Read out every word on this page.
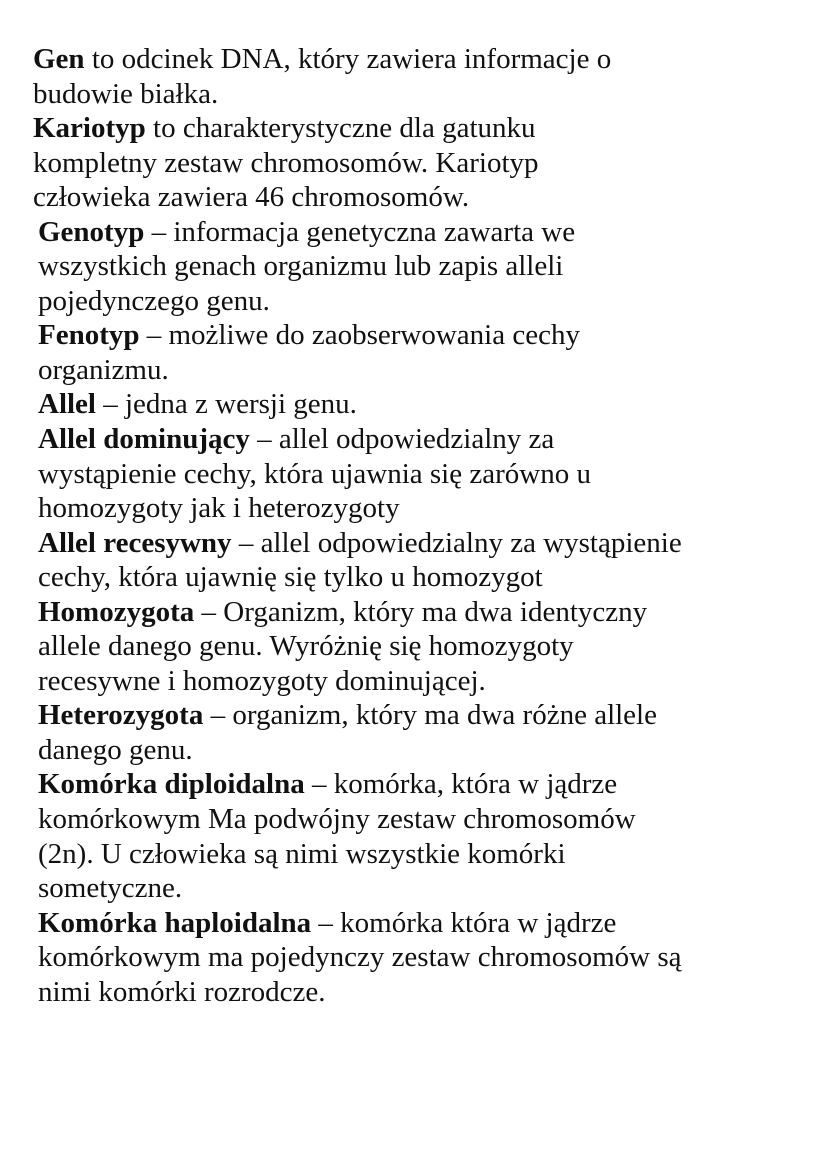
Gen to odcinek DNA, który zawiera informacje o
budowie białka.
Kariotyp to charakterystyczne dla gatunku
kompletny zestaw chromosomów. Kariotyp
człowieka zawiera 46 chromosomów.
Genotyp – informacja genetyczna zawarta we
wszystkich genach organizmu lub zapis alleli
pojedynczego genu.
Fenotyp – możliwe do zaobserwowania cechy
organizmu.
Allel – jedna z wersji genu.
Allel dominujący – allel odpowiedzialny za
wystąpienie cechy, która ujawnia się zarówno u
homozygoty jak i heterozygoty
Allel recesywny – allel odpowiedzialny za wystąpienie
cechy, która ujawnię się tylko u homozygot
Homozygota – Organizm, który ma dwa identyczny
allele danego genu. Wyróżnię się homozygoty
recesywne i homozygoty dominującej.
Heterozygota – organizm, który ma dwa różne allele
danego genu.
Komórka diploidalna – komórka, która w jądrze
komórkowym Ma podwójny zestaw chromosomów
(2n). U człowieka są nimi wszystkie komórki
sometyczne.
Komórka haploidalna – komórka która w jądrze
komórkowym ma pojedynczy zestaw chromosomów są
nimi komórki rozrodcze.
